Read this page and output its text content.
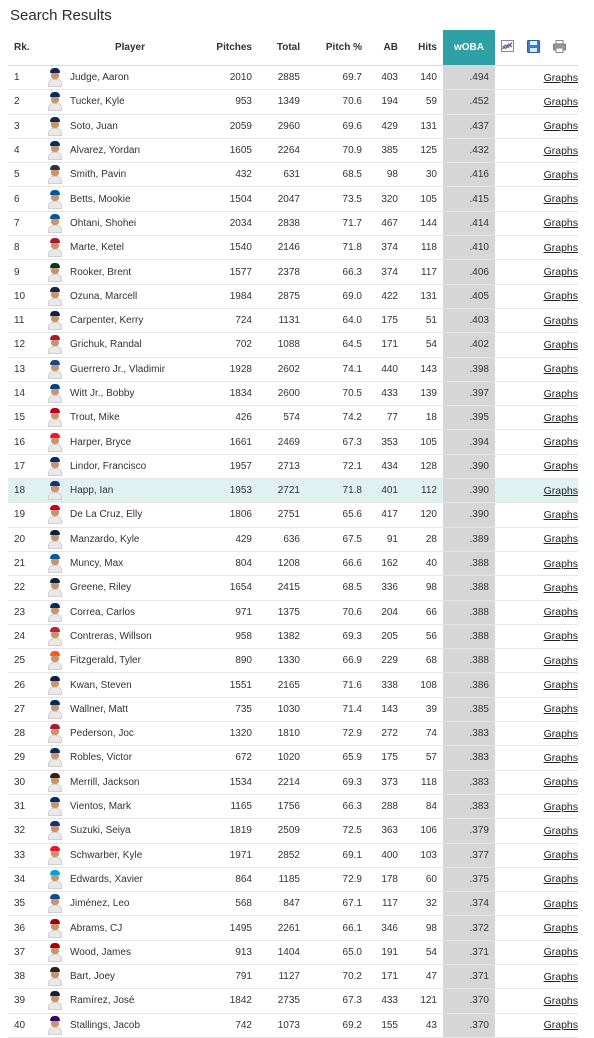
Search Results
Rk.		Player	Pitches	Total	Pitch %	AB	Hits	wOBA	
1		Judge, Aaron	2010	2885	69.7	403	140	.494	Graphs
2		Tucker, Kyle	953	1349	70.6	194	59	.452	Graphs
3		Soto, Juan	2059	2960	69.6	429	131	.437	Graphs
4		Alvarez, Yordan	1605	2264	70.9	385	125	.432	Graphs
5		Smith, Pavin	432	631	68.5	98	30	.416	Graphs
6		Betts, Mookie	1504	2047	73.5	320	105	.415	Graphs
7		Ohtani, Shohei	2034	2838	71.7	467	144	.414	Graphs
8		Marte, Ketel	1540	2146	71.8	374	118	.410	Graphs
9		Rooker, Brent	1577	2378	66.3	374	117	.406	Graphs
10		Ozuna, Marcell	1984	2875	69.0	422	131	.405	Graphs
11		Carpenter, Kerry	724	1131	64.0	175	51	.403	Graphs
12		Grichuk, Randal	702	1088	64.5	171	54	.402	Graphs
13		Guerrero Jr., Vladimir	1928	2602	74.1	440	143	.398	Graphs
14		Witt Jr., Bobby	1834	2600	70.5	433	139	.397	Graphs
15		Trout, Mike	426	574	74.2	77	18	.395	Graphs
16		Harper, Bryce	1661	2469	67.3	353	105	.394	Graphs
17		Lindor, Francisco	1957	2713	72.1	434	128	.390	Graphs
18		Happ, Ian	1953	2721	71.8	401	112	.390	Graphs
19		De La Cruz, Elly	1806	2751	65.6	417	120	.390	Graphs
20		Manzardo, Kyle	429	636	67.5	91	28	.389	Graphs
21		Muncy, Max	804	1208	66.6	162	40	.388	Graphs
22		Greene, Riley	1654	2415	68.5	336	98	.388	Graphs
23		Correa, Carlos	971	1375	70.6	204	66	.388	Graphs
24		Contreras, Willson	958	1382	69.3	205	56	.388	Graphs
25		Fitzgerald, Tyler	890	1330	66.9	229	68	.388	Graphs
26		Kwan, Steven	1551	2165	71.6	338	108	.386	Graphs
27		Wallner, Matt	735	1030	71.4	143	39	.385	Graphs
28		Pederson, Joc	1320	1810	72.9	272	74	.383	Graphs
29		Robles, Victor	672	1020	65.9	175	57	.383	Graphs
30		Merrill, Jackson	1534	2214	69.3	373	118	.383	Graphs
31		Vientos, Mark	1165	1756	66.3	288	84	.383	Graphs
32		Suzuki, Seiya	1819	2509	72.5	363	106	.379	Graphs
33		Schwarber, Kyle	1971	2852	69.1	400	103	.377	Graphs
34		Edwards, Xavier	864	1185	72.9	178	60	.375	Graphs
35		Jiménez, Leo	568	847	67.1	117	32	.374	Graphs
36		Abrams, CJ	1495	2261	66.1	346	98	.372	Graphs
37		Wood, James	913	1404	65.0	191	54	.371	Graphs
38		Bart, Joey	791	1127	70.2	171	47	.371	Graphs
39		Ramírez, José	1842	2735	67.3	433	121	.370	Graphs
40		Stallings, Jacob	742	1073	69.2	155	43	.370	Graphs
